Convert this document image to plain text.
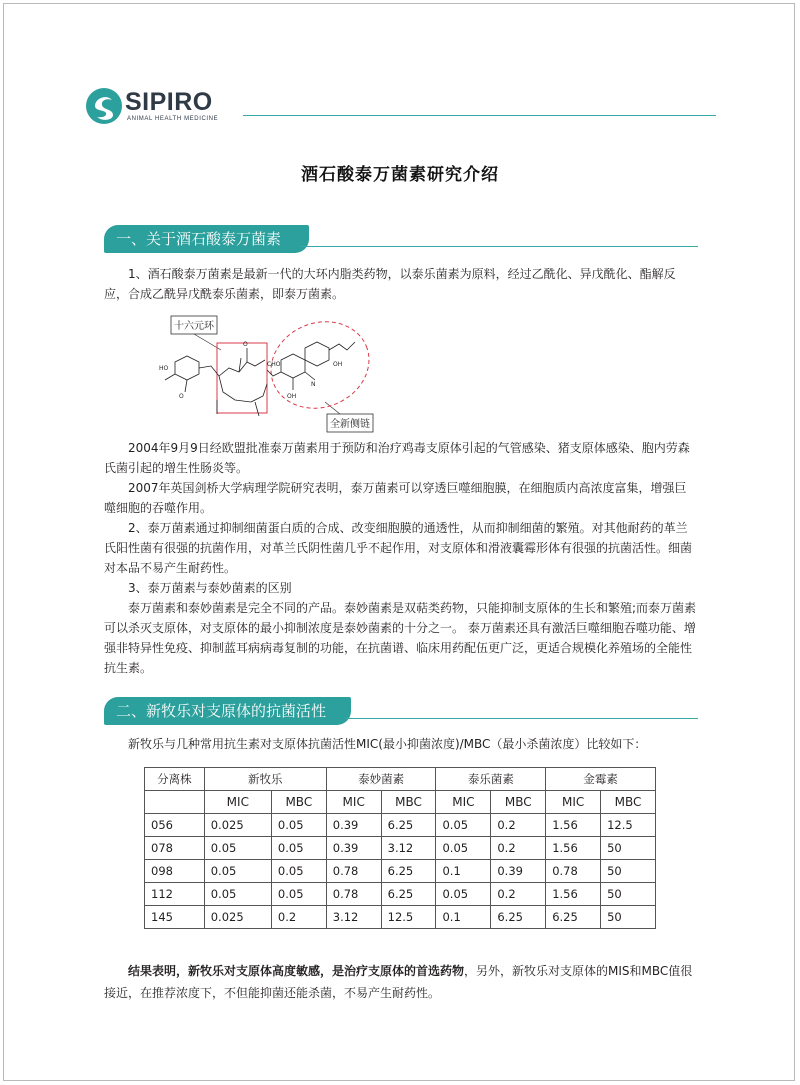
SIPIRO
ANIMAL HEALTH MEDICINE
酒石酸泰万菌素研究介绍
一、关于酒石酸泰万菌素
1、酒石酸泰万菌素是最新一代的大环内脂类药物，以泰乐菌素为原料，经过乙酰化、异戊酰化、酯解反应，合成乙酰异戊酰泰乐菌素，即泰万菌素。
十六元环
全新侧链
HO
O
O
CHO
OH
N
OH
2004年9月9日经欧盟批准泰万菌素用于预防和治疗鸡毒支原体引起的气管感染、猪支原体感染、胞内劳森氏菌引起的增生性肠炎等。
2007年英国剑桥大学病理学院研究表明，泰万菌素可以穿透巨噬细胞膜，在细胞质内高浓度富集，增强巨噬细胞的吞噬作用。
2、泰万菌素通过抑制细菌蛋白质的合成、改变细胞膜的通透性，从而抑制细菌的繁殖。对其他耐药的革兰氏阳性菌有很强的抗菌作用，对革兰氏阴性菌几乎不起作用，对支原体和滑液囊霉形体有很强的抗菌活性。细菌对本品不易产生耐药性。
3、泰万菌素与泰妙菌素的区别
泰万菌素和泰妙菌素是完全不同的产品。泰妙菌素是双萜类药物，只能抑制支原体的生长和繁殖;而泰万菌素可以杀灭支原体，对支原体的最小抑制浓度是泰妙菌素的十分之一。 泰万菌素还具有激活巨噬细胞吞噬功能、增强非特异性免疫、抑制蓝耳病病毒复制的功能，在抗菌谱、临床用药配伍更广泛，更适合规模化养殖场的全能性抗生素。
二、新牧乐对支原体的抗菌活性
新牧乐与几种常用抗生素对支原体抗菌活性MIC(最小抑菌浓度)/MBC（最小杀菌浓度）比较如下：
分离株	新牧乐		泰妙菌素		泰乐菌素		金霉素	
	MIC	MBC	MIC	MBC	MIC	MBC	MIC	MBC
056	0.025	0.05	0.39	6.25	0.05	0.2	1.56	12.5
078	0.05	0.05	0.39	3.12	0.05	0.2	1.56	50
098	0.05	0.05	0.78	6.25	0.1	0.39	0.78	50
112	0.05	0.05	0.78	6.25	0.05	0.2	1.56	50
145	0.025	0.2	3.12	12.5	0.1	6.25	6.25	50
结果表明，新牧乐对支原体高度敏感，是治疗支原体的首选药物，另外，新牧乐对支原体的MIS和MBC值很接近，在推荐浓度下，不但能抑菌还能杀菌，不易产生耐药性。
